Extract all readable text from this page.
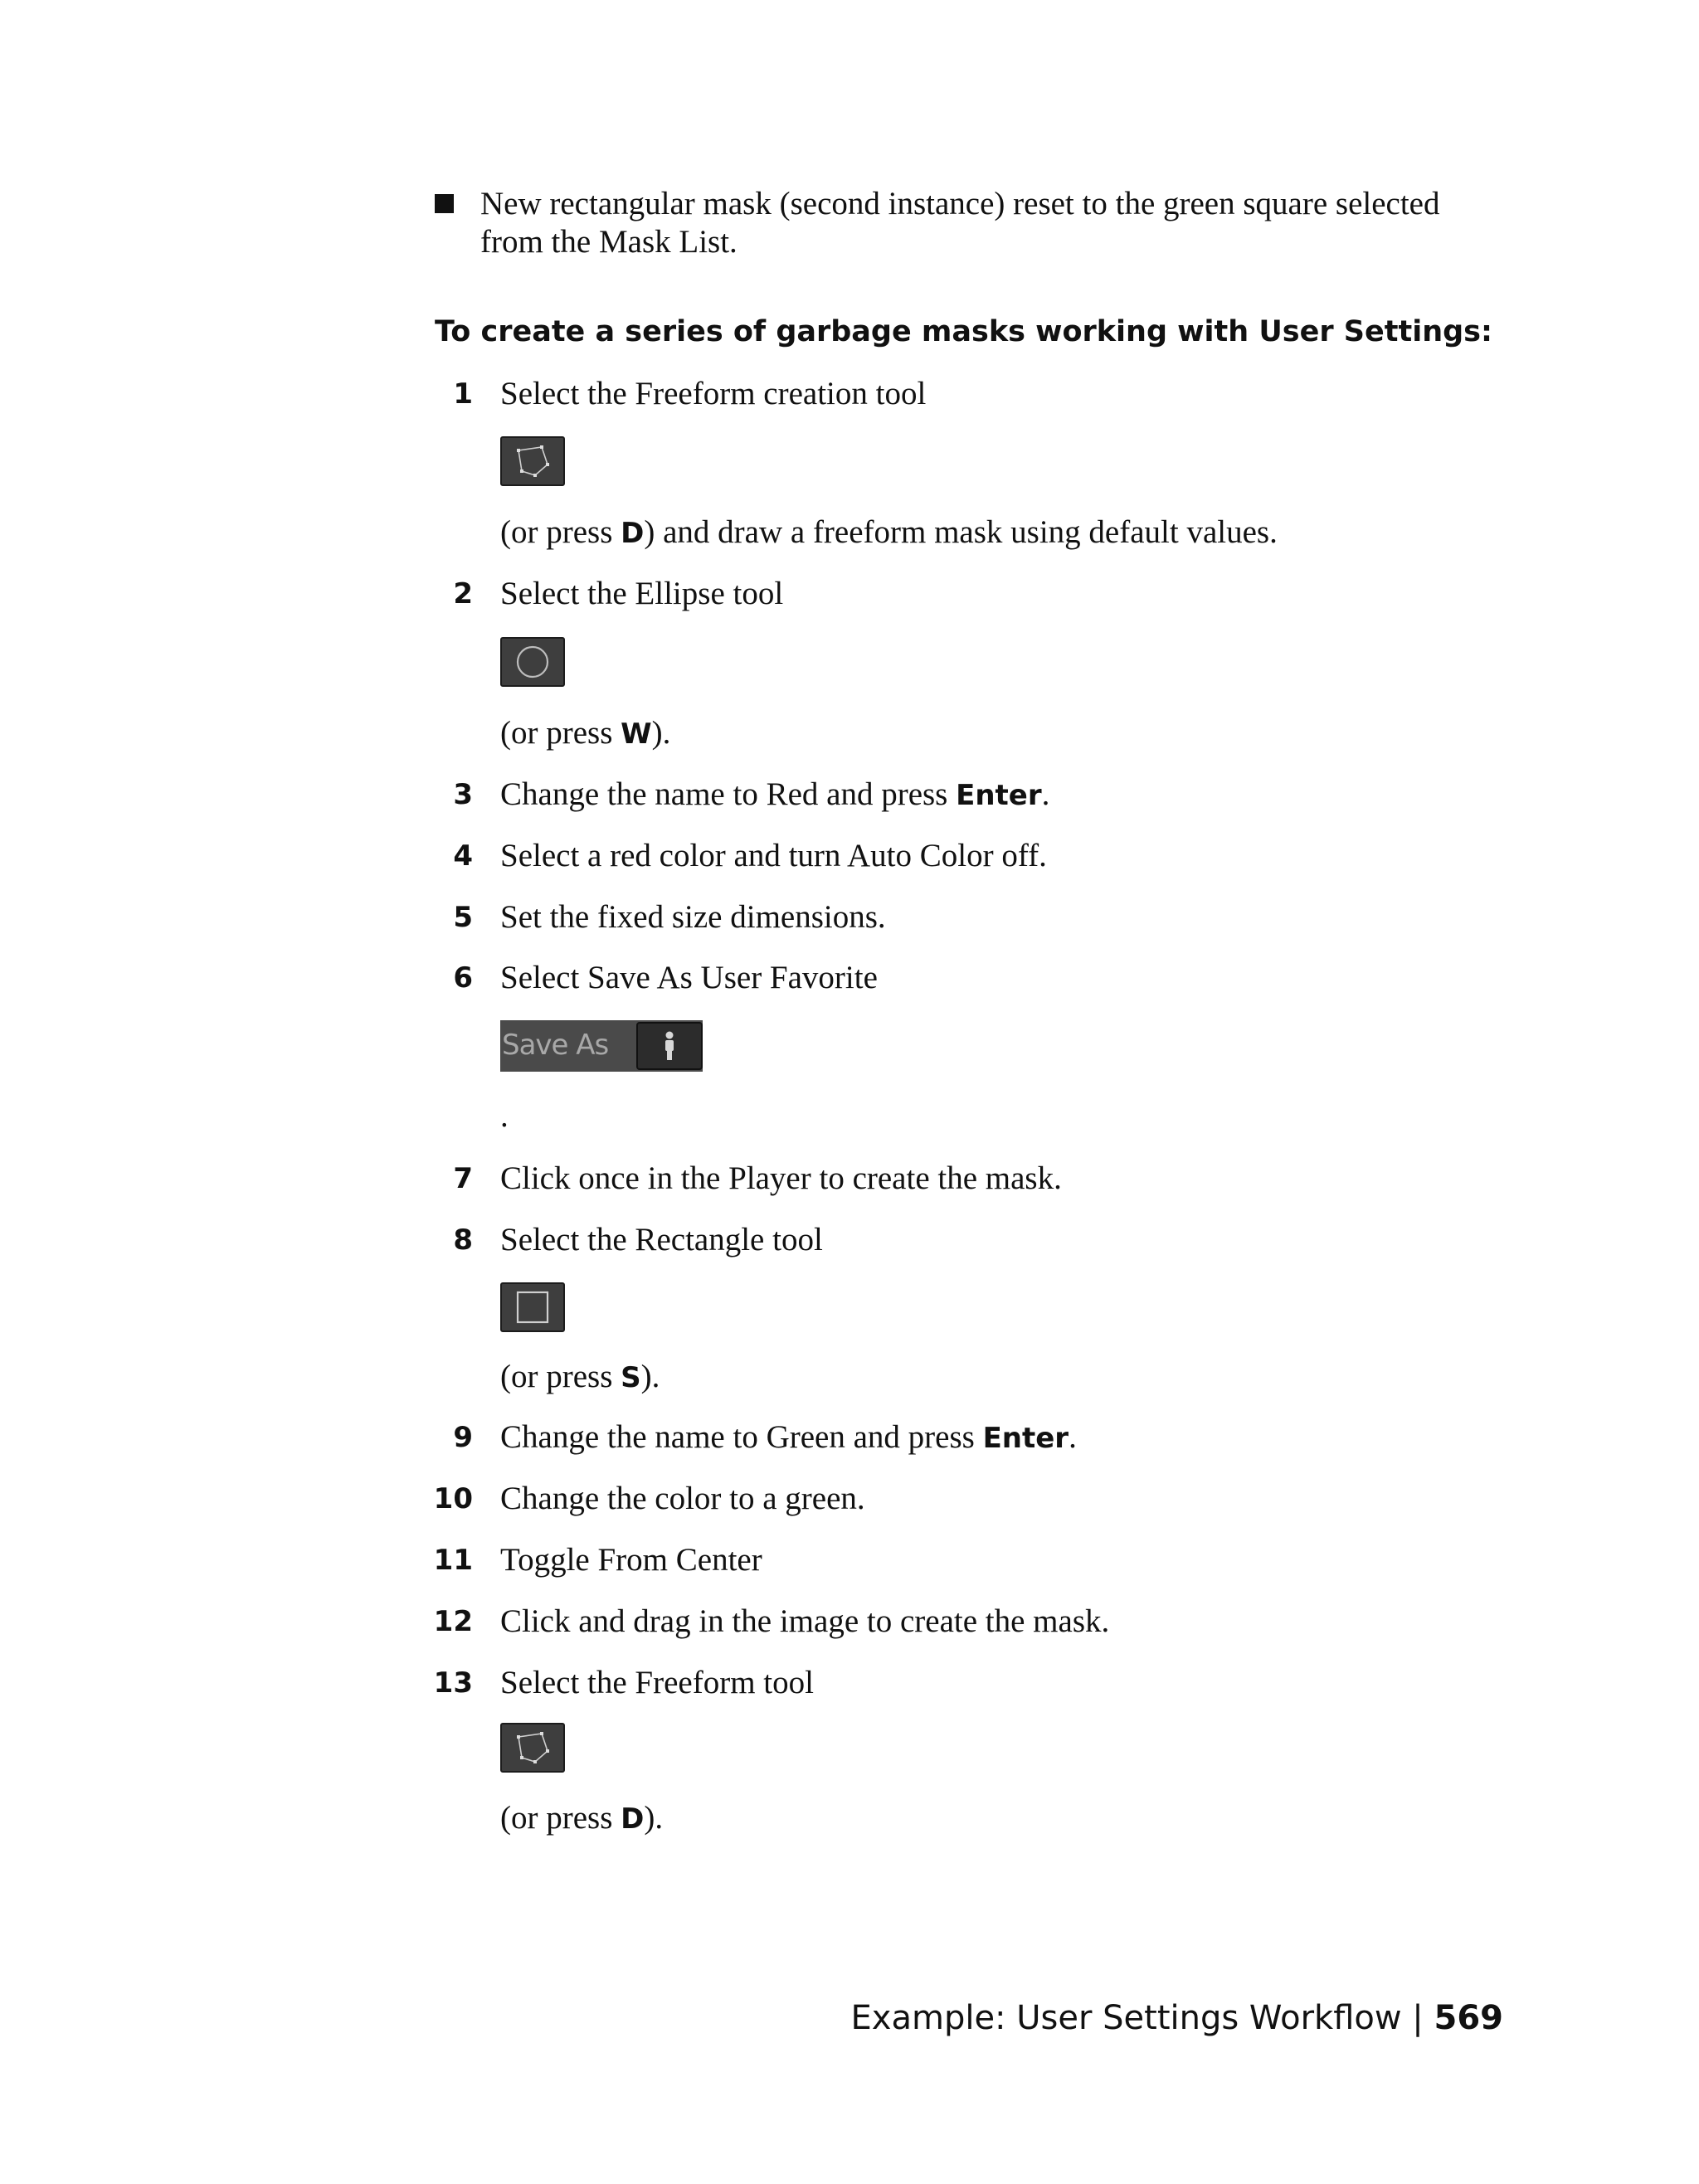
New rectangular mask (second instance) reset to the green square selected
from the Mask List.
To create a series of garbage masks working with User Settings:
1 Select the Freeform creation tool
(or press D) and draw a freeform mask using default values.
2 Select the Ellipse tool
(or press W).
3 Change the name to Red and press Enter.
4 Select a red color and turn Auto Color off.
5 Set the fixed size dimensions.
6 Select Save As User Favorite
Save As
.
7 Click once in the Player to create the mask.
8 Select the Rectangle tool
(or press S).
9 Change the name to Green and press Enter.
10 Change the color to a green.
11 Toggle From Center
12 Click and drag in the image to create the mask.
13 Select the Freeform tool
(or press D).
Example: User Settings Workflow | 569
